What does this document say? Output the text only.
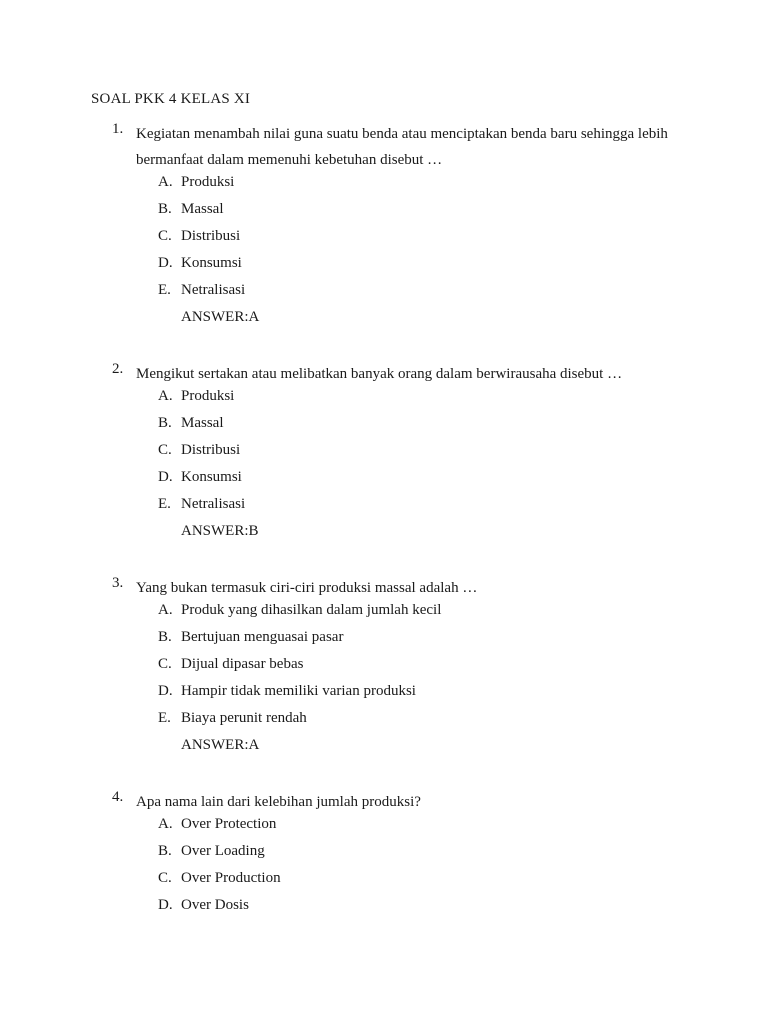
SOAL PKK 4 KELAS XI
1. Kegiatan menambah nilai guna suatu benda atau menciptakan benda baru sehingga lebih bermanfaat dalam memenuhi kebetuhan disebut …
A. Produksi
B. Massal
C. Distribusi
D. Konsumsi
E. Netralisasi
ANSWER:A
2. Mengikut sertakan atau melibatkan banyak orang dalam berwirausaha disebut …
A. Produksi
B. Massal
C. Distribusi
D. Konsumsi
E. Netralisasi
ANSWER:B
3. Yang bukan termasuk ciri-ciri produksi massal adalah …
A. Produk yang dihasilkan dalam jumlah kecil
B. Bertujuan menguasai pasar
C. Dijual dipasar bebas
D. Hampir tidak memiliki varian produksi
E. Biaya perunit rendah
ANSWER:A
4. Apa nama lain dari kelebihan jumlah produksi?
A. Over Protection
B. Over Loading
C. Over Production
D. Over Dosis
